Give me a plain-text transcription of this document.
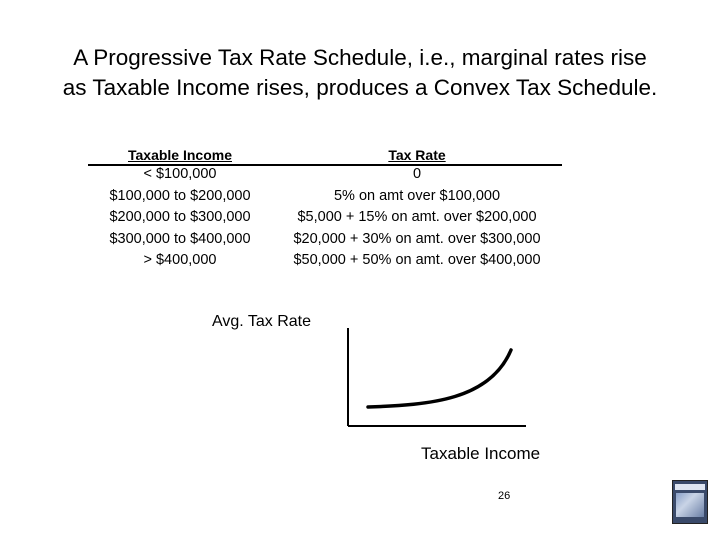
A Progressive Tax Rate Schedule, i.e., marginal rates rise
as Taxable Income rises, produces a Convex Tax Schedule.
Taxable Income	Tax Rate
< $100,000	0
$100,000 to $200,000	5% on amt over $100,000
$200,000 to $300,000	$5,000 + 15% on amt. over $200,000
$300,000 to $400,000	$20,000 + 30% on amt. over $300,000
> $400,000	$50,000 + 50% on amt. over $400,000
Avg. Tax Rate
Taxable Income
26
